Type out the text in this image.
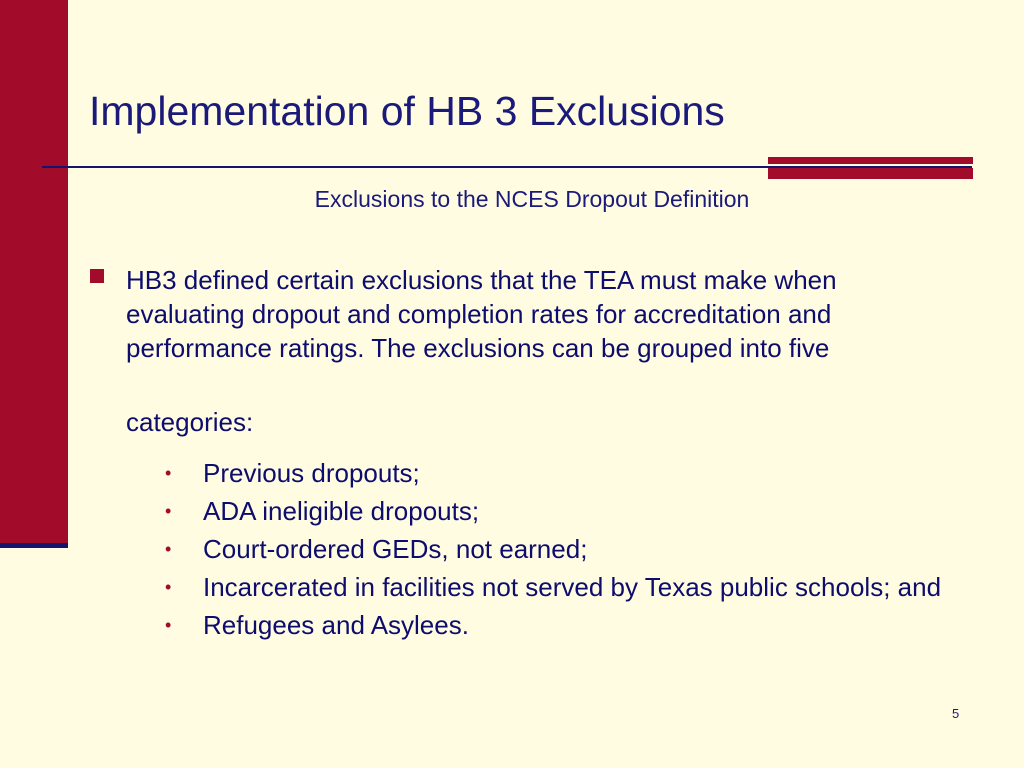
Implementation of HB 3 Exclusions
Exclusions to the NCES Dropout Definition
HB3 defined certain exclusions that the TEA must make when evaluating dropout and completion rates for accreditation and performance ratings. The exclusions can be grouped into five
categories:
• Previous dropouts;
• ADA ineligible dropouts;
• Court-ordered GEDs, not earned;
• Incarcerated in facilities not served by Texas public schools; and
• Refugees and Asylees.
5
